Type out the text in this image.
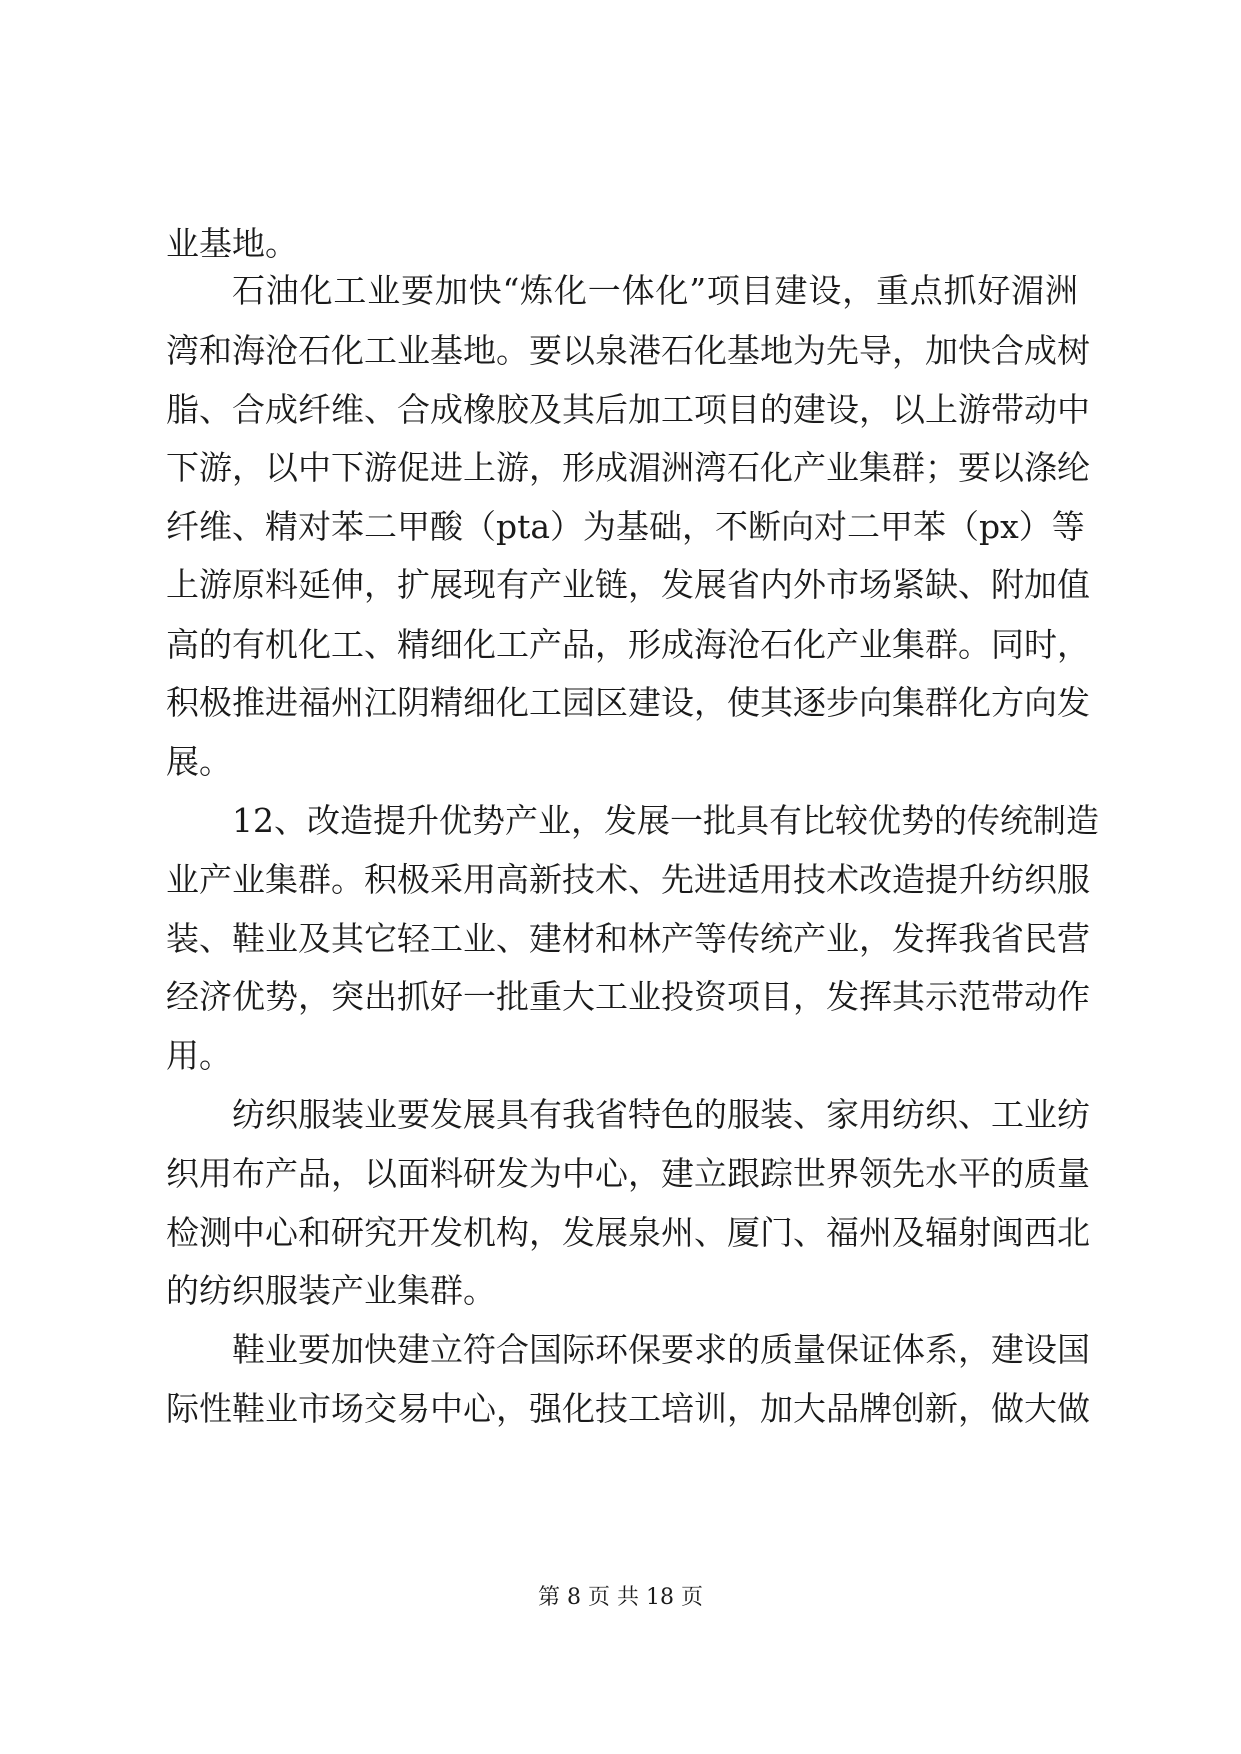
业基地。
石油化工业要加快“炼化一体化”项目建设，重点抓好湄洲
湾和海沧石化工业基地。要以泉港石化基地为先导，加快合成树
脂、合成纤维、合成橡胶及其后加工项目的建设，以上游带动中
下游，以中下游促进上游，形成湄洲湾石化产业集群；要以涤纶
纤维、精对苯二甲酸（pta）为基础，不断向对二甲苯（px）等
上游原料延伸，扩展现有产业链，发展省内外市场紧缺、附加值
高的有机化工、精细化工产品，形成海沧石化产业集群。同时，
积极推进福州江阴精细化工园区建设，使其逐步向集群化方向发
展。
12、改造提升优势产业，发展一批具有比较优势的传统制造
业产业集群。积极采用高新技术、先进适用技术改造提升纺织服
装、鞋业及其它轻工业、建材和林产等传统产业，发挥我省民营
经济优势，突出抓好一批重大工业投资项目，发挥其示范带动作
用。
纺织服装业要发展具有我省特色的服装、家用纺织、工业纺
织用布产品，以面料研发为中心，建立跟踪世界领先水平的质量
检测中心和研究开发机构，发展泉州、厦门、福州及辐射闽西北
的纺织服装产业集群。
鞋业要加快建立符合国际环保要求的质量保证体系，建设国
际性鞋业市场交易中心，强化技工培训，加大品牌创新，做大做
第 8 页 共 18 页
